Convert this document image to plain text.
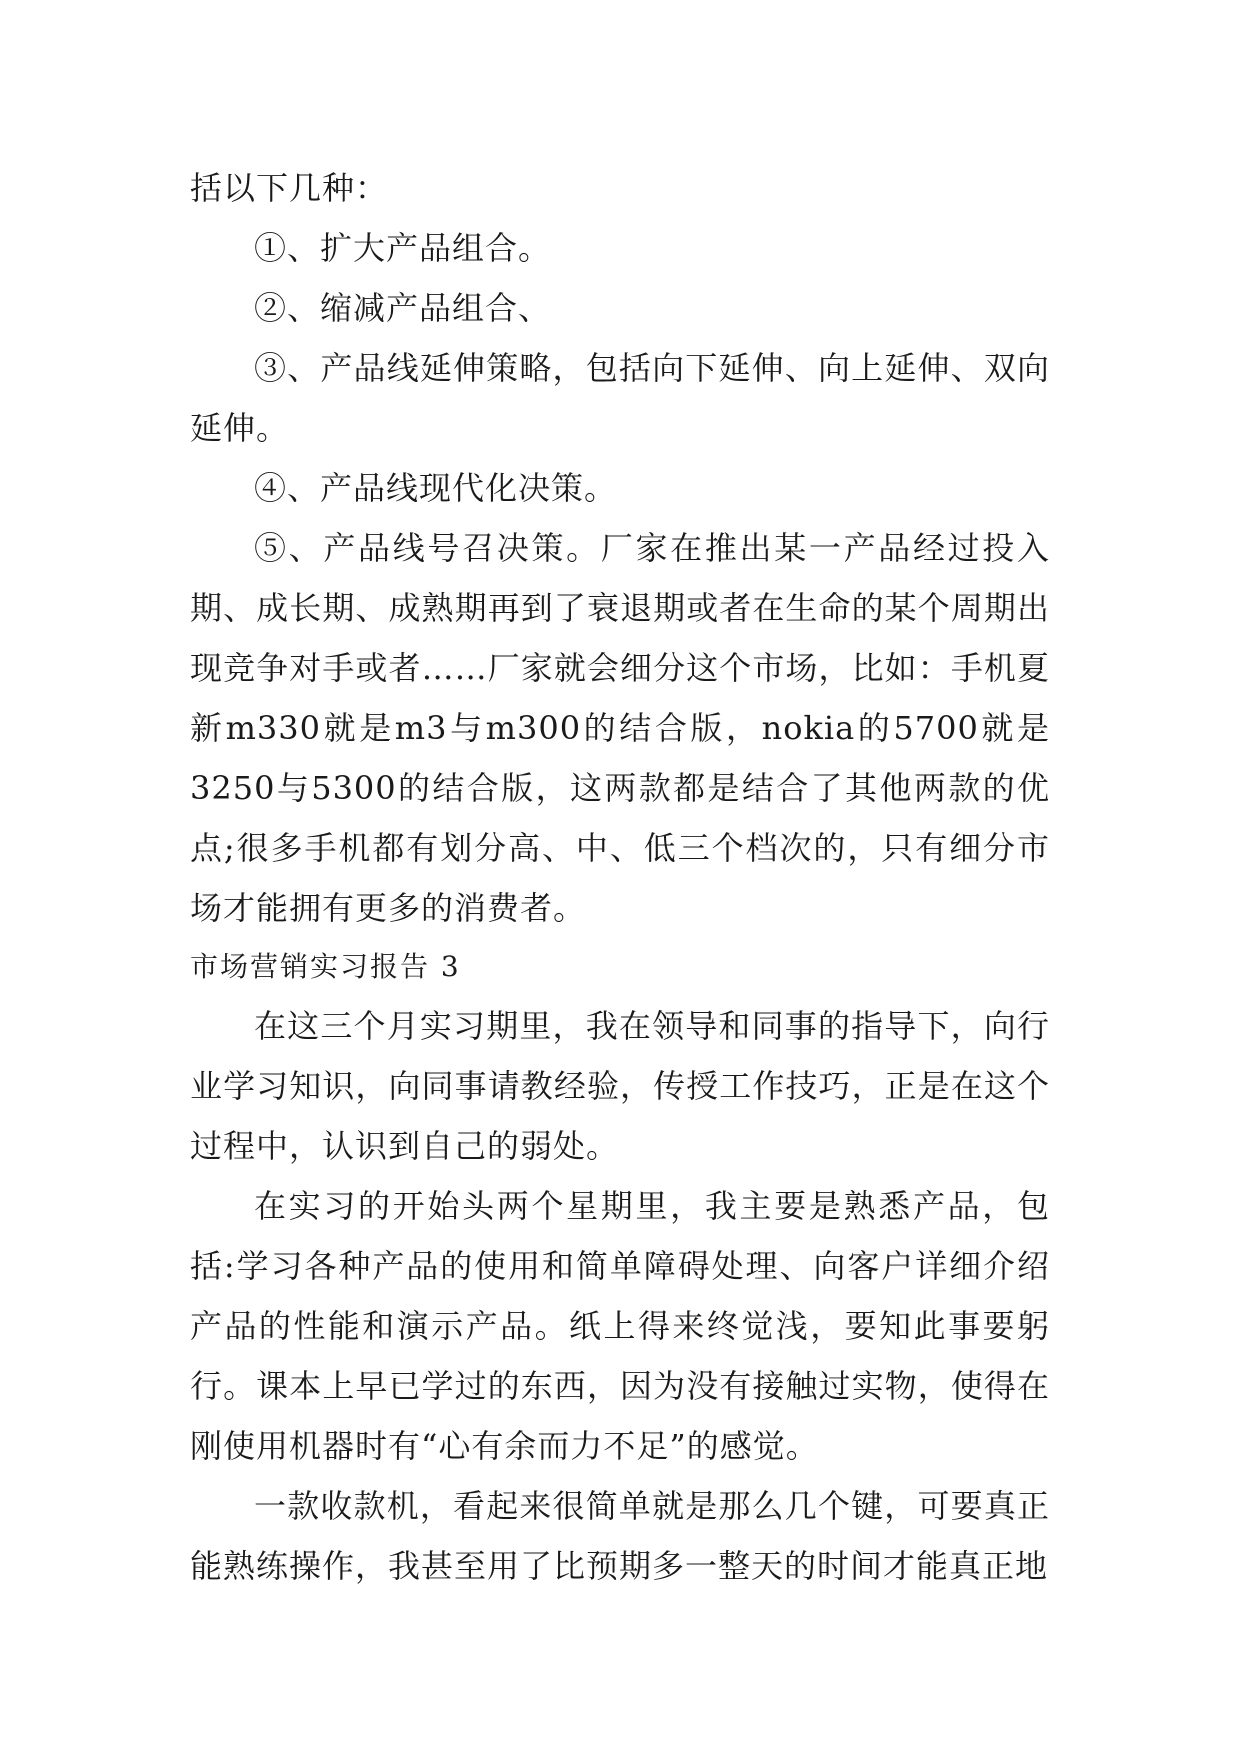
括以下几种：

①、扩大产品组合。

②、缩减产品组合、

③、产品线延伸策略，包括向下延伸、向上延伸、双向延伸。

④、产品线现代化决策。

⑤、产品线号召决策。厂家在推出某一产品经过投入期、成长期、成熟期再到了衰退期或者在生命的某个周期出现竞争对手或者……厂家就会细分这个市场，比如：手机夏新m330就是m3与m300的结合版，nokia的5700就是3250与5300的结合版，这两款都是结合了其他两款的优点;很多手机都有划分高、中、低三个档次的，只有细分市场才能拥有更多的消费者。

市场营销实习报告 3

在这三个月实习期里，我在领导和同事的指导下，向行业学习知识，向同事请教经验，传授工作技巧，正是在这个过程中，认识到自己的弱处。

在实习的开始头两个星期里，我主要是熟悉产品，包括:学习各种产品的使用和简单障碍处理、向客户详细介绍产品的性能和演示产品。纸上得来终觉浅，要知此事要躬行。课本上早已学过的东西，因为没有接触过实物，使得在刚使用机器时有“心有余而力不足”的感觉。

一款收款机，看起来很简单就是那么几个键，可要真正能熟练操作，我甚至用了比预期多一整天的时间才能真正地
